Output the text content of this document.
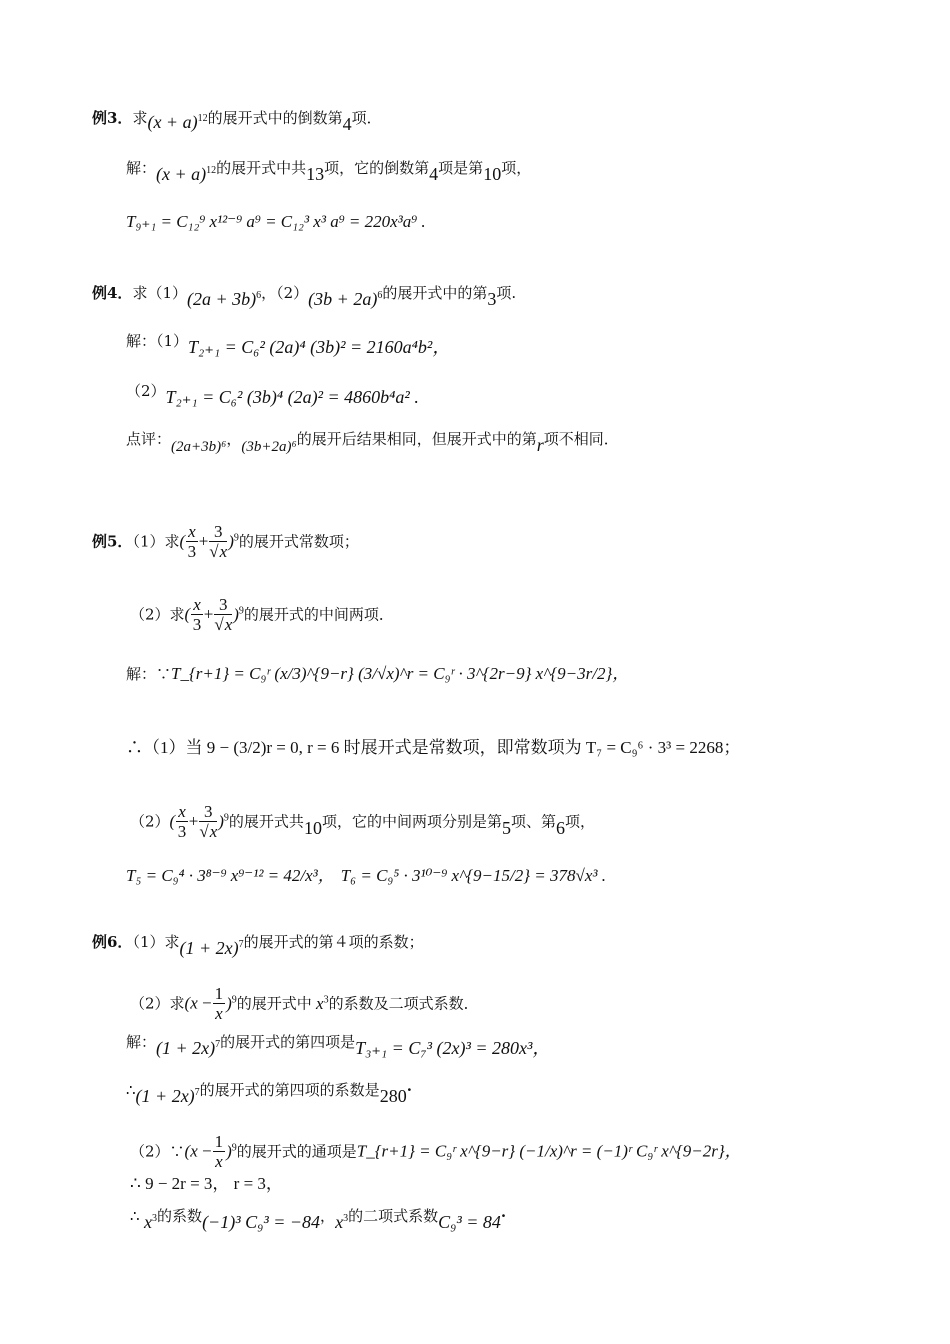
例3．求$(x + a)^{12}$的展开式中的倒数第4项．
解：$(x + a)^{12}$的展开式中共13项，它的倒数第4项是第10项，
T₉₊₁ = C₁₂⁹ x¹²⁻⁹ a⁹ = C₁₂³ x³ a⁹ = 220x³a⁹ .
例4．求$(1)(2a + 3b)^6$，$(2)(3b + 2a)^6$的展开式中的第3项.
解：（1）T₂₊₁ = C₆² (2a)⁴ (3b)² = 2160a⁴b²，
（2）T₂₊₁ = C₆² (3b)⁴ (2a)² = 4860b⁴a² .
点评：(2a+3b)⁶，(3b+2a)⁶的展开后结果相同，但展开式中的第r项不相同．
例5．（1）求( $\frac{x}{3} + \frac{3}{√x} )^9$的展开式常数项；
（2）求( $\frac{x}{3} + \frac{3}{√x} )^9$的展开式的中间两项．
解：∵T_{r+1} = C₉ʳ (x/3)^{9−r} (3/√x)^r = C₉ʳ · 3^{2r−9} x^{9−3r/2}，
∴（1）当 9 − (3/2)r = 0, r = 6 时展开式是常数项，即常数项为 T₇ = C₉⁶ · 3³ = 2268；
$(2)( \frac{x}{3} + \frac{3}{√x} )^9$的展开式共10项，它的中间两项分别是第5项、第6项，
T₅ = C₉⁴ · 3⁸⁻⁹ x⁹⁻¹² = 42/x³， T₆ = C₉⁵ · 3¹⁰⁻⁹ x^{9−15/2} = 378√x³ .
例6．（1）求$(1 + 2x)^7$的展开式的第４项的系数；
（2）求$(x - \frac{1}{x} )^9$的展开式中 $x^3$的系数及二项式系数．
解：$(1 + 2x)^7$的展开式的第四项是T₃₊₁ = C₇³ (2x)³ = 280x³，
∴(1 + 2x)$^7$的展开式的第四项的系数是280·
（2）∵(x − $\frac{1}{x} )^9$的展开式的通项是T_{r+1} = C₉ʳ x^{9−r} (−1/x)^r = (−1)ʳ C₉ʳ x^{9−2r}，
∴ 9 − 2r = 3， r = 3，
∴ $x^3$的系数(−1)³ C₉³ = −84，$x^3$的二项式系数C₉³ = 84·
